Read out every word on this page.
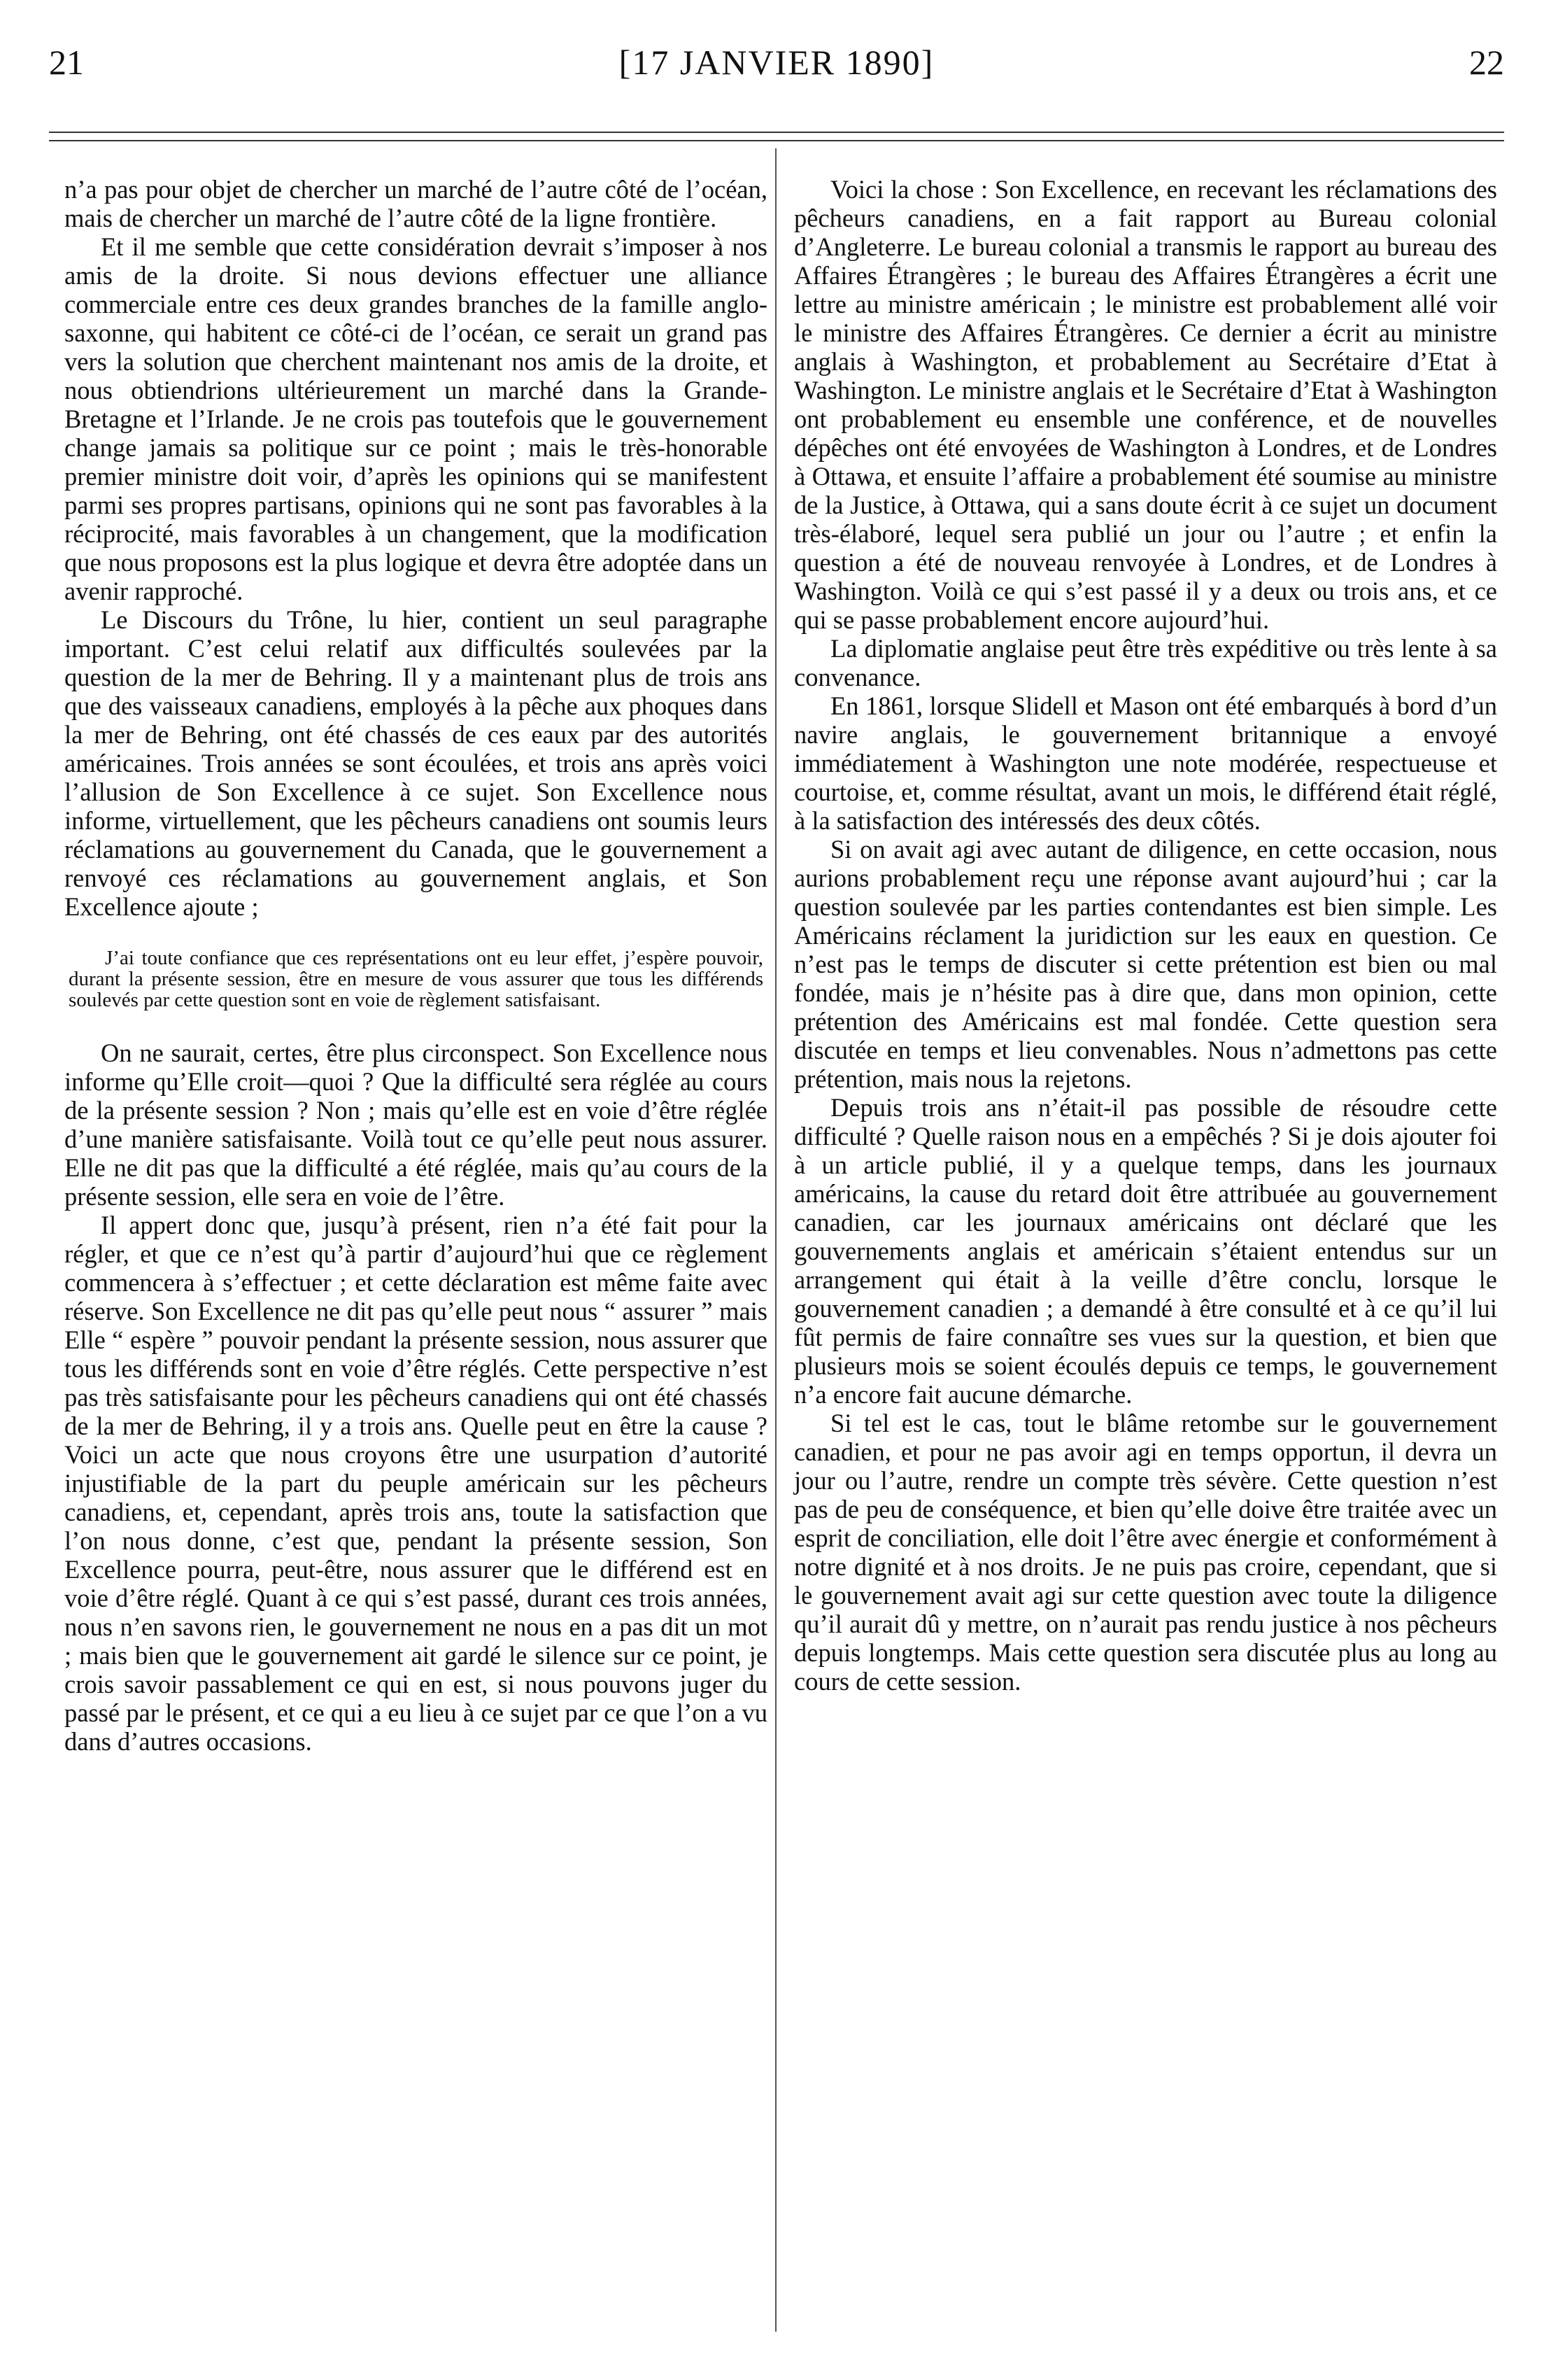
21	[17 JANVIER 1890]	22

n’a pas pour objet de chercher un marché de l’autre côté de l’océan, mais de chercher un marché de l’autre côté de la ligne frontière.

Et il me semble que cette considération devrait s’imposer à nos amis de la droite. Si nous devions effectuer une alliance commerciale entre ces deux grandes branches de la famille anglo-saxonne, qui habitent ce côté-ci de l’océan, ce serait un grand pas vers la solution que cherchent maintenant nos amis de la droite, et nous obtiendrions ultérieurement un marché dans la Grande-Bretagne et l’Irlande. Je ne crois pas toutefois que le gouvernement change jamais sa politique sur ce point ; mais le très-honorable premier ministre doit voir, d’après les opinions qui se manifestent parmi ses propres partisans, opinions qui ne sont pas favorables à la réciprocité, mais favorables à un changement, que la modification que nous proposons est la plus logique et devra être adoptée dans un avenir rapproché.

Le Discours du Trône, lu hier, contient un seul paragraphe important. C’est celui relatif aux difficultés soulevées par la question de la mer de Behring. Il y a maintenant plus de trois ans que des vaisseaux canadiens, employés à la pêche aux phoques dans la mer de Behring, ont été chassés de ces eaux par des autorités américaines. Trois années se sont écoulées, et trois ans après voici l’allusion de Son Excellence à ce sujet. Son Excellence nous informe, virtuellement, que les pêcheurs canadiens ont soumis leurs réclamations au gouvernement du Canada, que le gouvernement a renvoyé ces réclamations au gouvernement anglais, et Son Excellence ajoute ;

J’ai toute confiance que ces représentations ont eu leur effet, j’espère pouvoir, durant la présente session, être en mesure de vous assurer que tous les différends soulevés par cette question sont en voie de règlement satisfaisant.

On ne saurait, certes, être plus circonspect. Son Excellence nous informe qu’Elle croit—quoi ? Que la difficulté sera réglée au cours de la présente session ? Non ; mais qu’elle est en voie d’être réglée d’une manière satisfaisante. Voilà tout ce qu’elle peut nous assurer. Elle ne dit pas que la difficulté a été réglée, mais qu’au cours de la présente session, elle sera en voie de l’être.

Il appert donc que, jusqu’à présent, rien n’a été fait pour la régler, et que ce n’est qu’à partir d’aujourd’hui que ce règlement commencera à s’effectuer ; et cette déclaration est même faite avec réserve. Son Excellence ne dit pas qu’elle peut nous “ assurer ” mais Elle “ espère ” pouvoir pendant la présente session, nous assurer que tous les différends sont en voie d’être réglés. Cette perspective n’est pas très satisfaisante pour les pêcheurs canadiens qui ont été chassés de la mer de Behring, il y a trois ans. Quelle peut en être la cause ? Voici un acte que nous croyons être une usurpation d’autorité injustifiable de la part du peuple américain sur les pêcheurs canadiens, et, cependant, après trois ans, toute la satisfaction que l’on nous donne, c’est que, pendant la présente session, Son Excellence pourra, peut-être, nous assurer que le différend est en voie d’être réglé. Quant à ce qui s’est passé, durant ces trois années, nous n’en savons rien, le gouvernement ne nous en a pas dit un mot ; mais bien que le gouvernement ait gardé le silence sur ce point, je crois savoir passablement ce qui en est, si nous pouvons juger du passé par le présent, et ce qui a eu lieu à ce sujet par ce que l’on a vu dans d’autres occasions.

Voici la chose : Son Excellence, en recevant les réclamations des pêcheurs canadiens, en a fait rapport au Bureau colonial d’Angleterre. Le bureau colonial a transmis le rapport au bureau des Affaires Étrangères ; le bureau des Affaires Étrangères a écrit une lettre au ministre américain ; le ministre est probablement allé voir le ministre des Affaires Étrangères. Ce dernier a écrit au ministre anglais à Washington, et probablement au Secrétaire d’Etat à Washington. Le ministre anglais et le Secrétaire d’Etat à Washington ont probablement eu ensemble une conférence, et de nouvelles dépêches ont été envoyées de Washington à Londres, et de Londres à Ottawa, et ensuite l’affaire a probablement été soumise au ministre de la Justice, à Ottawa, qui a sans doute écrit à ce sujet un document très-élaboré, lequel sera publié un jour ou l’autre ; et enfin la question a été de nouveau renvoyée à Londres, et de Londres à Washington. Voilà ce qui s’est passé il y a deux ou trois ans, et ce qui se passe probablement encore aujourd’hui.

La diplomatie anglaise peut être très expéditive ou très lente à sa convenance.

En 1861, lorsque Slidell et Mason ont été embarqués à bord d’un navire anglais, le gouvernement britannique a envoyé immédiatement à Washington une note modérée, respectueuse et courtoise, et, comme résultat, avant un mois, le différend était réglé, à la satisfaction des intéressés des deux côtés.

Si on avait agi avec autant de diligence, en cette occasion, nous aurions probablement reçu une réponse avant aujourd’hui ; car la question soulevée par les parties contendantes est bien simple. Les Américains réclament la juridiction sur les eaux en question. Ce n’est pas le temps de discuter si cette prétention est bien ou mal fondée, mais je n’hésite pas à dire que, dans mon opinion, cette prétention des Américains est mal fondée. Cette question sera discutée en temps et lieu convenables. Nous n’admettons pas cette prétention, mais nous la rejetons.

Depuis trois ans n’était-il pas possible de résoudre cette difficulté ? Quelle raison nous en a empêchés ? Si je dois ajouter foi à un article publié, il y a quelque temps, dans les journaux américains, la cause du retard doit être attribuée au gouvernement canadien, car les journaux américains ont déclaré que les gouvernements anglais et américain s’étaient entendus sur un arrangement qui était à la veille d’être conclu, lorsque le gouvernement canadien ; a demandé à être consulté et à ce qu’il lui fût permis de faire connaître ses vues sur la question, et bien que plusieurs mois se soient écoulés depuis ce temps, le gouvernement n’a encore fait aucune démarche.

Si tel est le cas, tout le blâme retombe sur le gouvernement canadien, et pour ne pas avoir agi en temps opportun, il devra un jour ou l’autre, rendre un compte très sévère. Cette question n’est pas de peu de conséquence, et bien qu’elle doive être traitée avec un esprit de conciliation, elle doit l’être avec énergie et conformément à notre dignité et à nos droits. Je ne puis pas croire, cependant, que si le gouvernement avait agi sur cette question avec toute la diligence qu’il aurait dû y mettre, on n’aurait pas rendu justice à nos pêcheurs depuis longtemps. Mais cette question sera discutée plus au long au cours de cette session.
